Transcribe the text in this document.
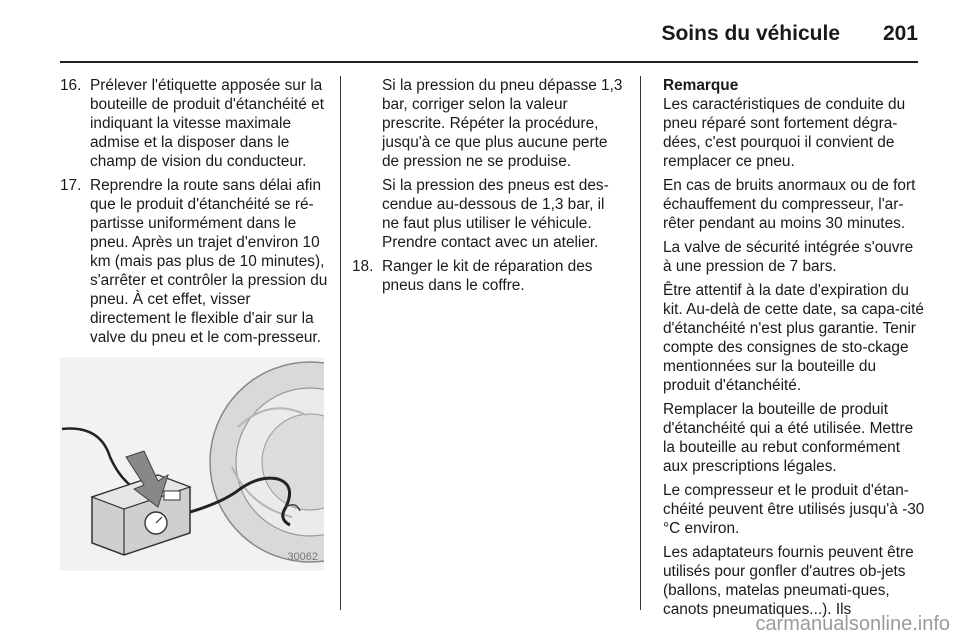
Soins du véhicule 201
16. Prélever l'étiquette apposée sur la bouteille de produit d'étanchéité et indiquant la vitesse maximale admise et la disposer dans le champ de vision du conducteur.
17. Reprendre la route sans délai afin que le produit d'étanchéité se ré-partisse uniformément dans le pneu. Après un trajet d'environ 10 km (mais pas plus de 10 minutes), s'arrêter et contrôler la pression du pneu. À cet effet, visser directement le flexible d'air sur la valve du pneu et le com-presseur.
30062

Si la pression du pneu dépasse 1,3 bar, corriger selon la valeur prescrite. Répéter la procédure, jusqu'à ce que plus aucune perte de pression ne se produise.

Si la pression des pneus est des-cendue au-dessous de 1,3 bar, il ne faut plus utiliser le véhicule. Prendre contact avec un atelier.

18. Ranger le kit de réparation des pneus dans le coffre.
Remarque

Les caractéristiques de conduite du pneu réparé sont fortement dégra-dées, c'est pourquoi il convient de remplacer ce pneu.

En cas de bruits anormaux ou de fort échauffement du compresseur, l'ar-rêter pendant au moins 30 minutes.

La valve de sécurité intégrée s'ouvre à une pression de 7 bars.

Être attentif à la date d'expiration du kit. Au-delà de cette date, sa capa-cité d'étanchéité n'est plus garantie. Tenir compte des consignes de sto-ckage mentionnées sur la bouteille du produit d'étanchéité.

Remplacer la bouteille de produit d'étanchéité qui a été utilisée. Mettre la bouteille au rebut conformément aux prescriptions légales.

Le compresseur et le produit d'étan-chéité peuvent être utilisés jusqu'à -30 °C environ.

Les adaptateurs fournis peuvent être utilisés pour gonfler d'autres ob-jets (ballons, matelas pneumati-ques, canots pneumatiques...). Ils

carmanualsonline.info
